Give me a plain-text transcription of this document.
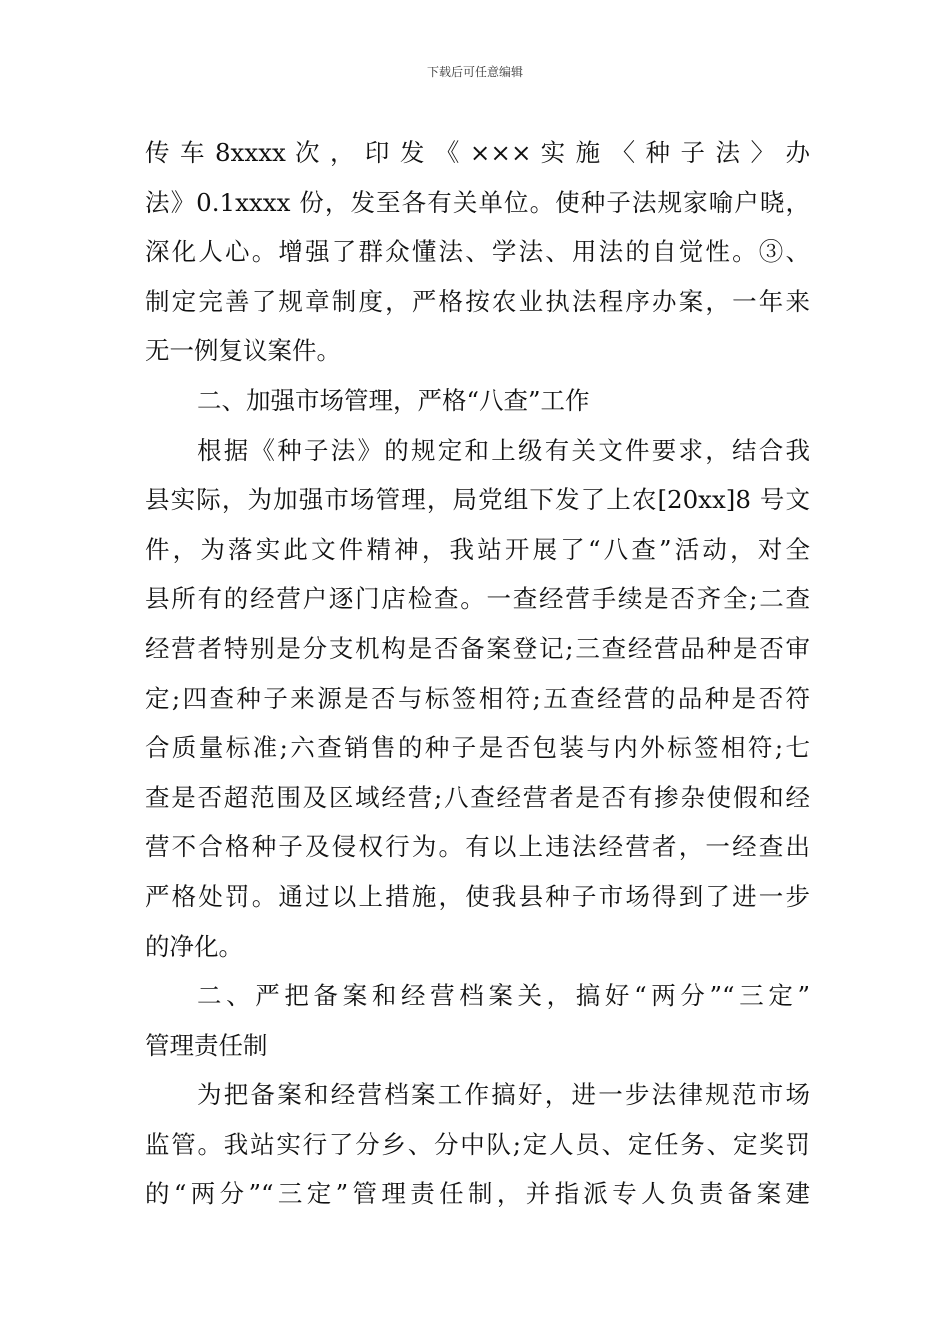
下载后可任意编辑
传 车 8xxxx 次 ， 印 发 《 ××× 实 施 〈 种 子 法 〉 办
法》0.1xxxx 份，发至各有关单位。使种子法规家喻户晓，
深化人心。增强了群众懂法、学法、用法的自觉性。③、
制定完善了规章制度，严格按农业执法程序办案，一年来
无一例复议案件。
二、加强市场管理，严格“八查”工作
根据《种子法》的规定和上级有关文件要求，结合我
县实际，为加强市场管理，局党组下发了上农[20xx]8 号文
件，为落实此文件精神，我站开展了“八查”活动，对全
县所有的经营户逐门店检查。一查经营手续是否齐全;二查
经营者特别是分支机构是否备案登记;三查经营品种是否审
定;四查种子来源是否与标签相符;五查经营的品种是否符
合质量标准;六查销售的种子是否包装与内外标签相符;七
查是否超范围及区域经营;八查经营者是否有掺杂使假和经
营不合格种子及侵权行为。有以上违法经营者，一经查出
严格处罚。通过以上措施，使我县种子市场得到了进一步
的净化。
二、严把备案和经营档案关，搞好“两分”“三定”
管理责任制
为把备案和经营档案工作搞好，进一步法律规范市场
监管。我站实行了分乡、分中队;定人员、定任务、定奖罚
的“两分”“三定”管理责任制，并指派专人负责备案建
